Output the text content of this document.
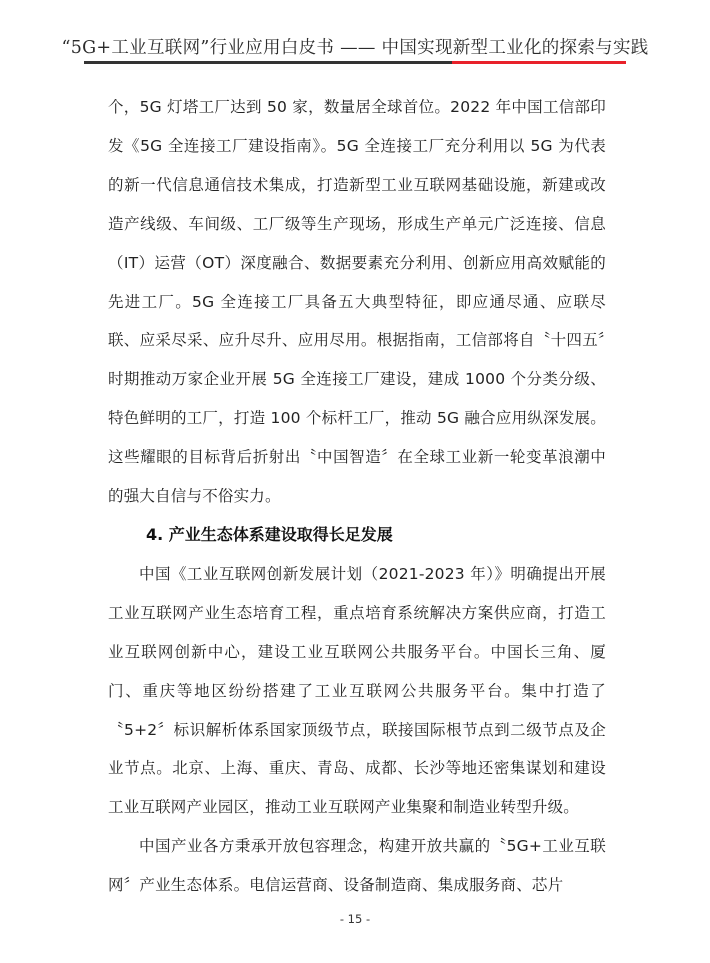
“5G+工业互联网”行业应用白皮书 —— 中国实现新型工业化的探索与实践

个，5G 灯塔工厂达到 50 家，数量居全球首位。2022 年中国工信部印发《5G 全连接工厂建设指南》。5G 全连接工厂充分利用以 5G 为代表的新一代信息通信技术集成，打造新型工业互联网基础设施，新建或改造产线级、车间级、工厂级等生产现场，形成生产单元广泛连接、信息（IT）运营（OT）深度融合、数据要素充分利用、创新应用高效赋能的先进工厂。5G 全连接工厂具备五大典型特征，即应通尽通、应联尽联、应采尽采、应升尽升、应用尽用。根据指南，工信部将自〝十四五〞时期推动万家企业开展 5G 全连接工厂建设，建成 1000 个分类分级、特色鲜明的工厂，打造 100 个标杆工厂，推动 5G 融合应用纵深发展。这些耀眼的目标背后折射出〝中国智造〞在全球工业新一轮变革浪潮中的强大自信与不俗实力。

4. 产业生态体系建设取得长足发展

中国《工业互联网创新发展计划（2021-2023 年）》明确提出开展工业互联网产业生态培育工程，重点培育系统解决方案供应商，打造工业互联网创新中心，建设工业互联网公共服务平台。中国长三角、厦门、重庆等地区纷纷搭建了工业互联网公共服务平台。集中打造了〝5+2〞标识解析体系国家顶级节点，联接国际根节点到二级节点及企业节点。北京、上海、重庆、青岛、成都、长沙等地还密集谋划和建设工业互联网产业园区，推动工业互联网产业集聚和制造业转型升级。

中国产业各方秉承开放包容理念，构建开放共赢的〝5G+工业互联网〞产业生态体系。电信运营商、设备制造商、集成服务商、芯片

- 15 -
